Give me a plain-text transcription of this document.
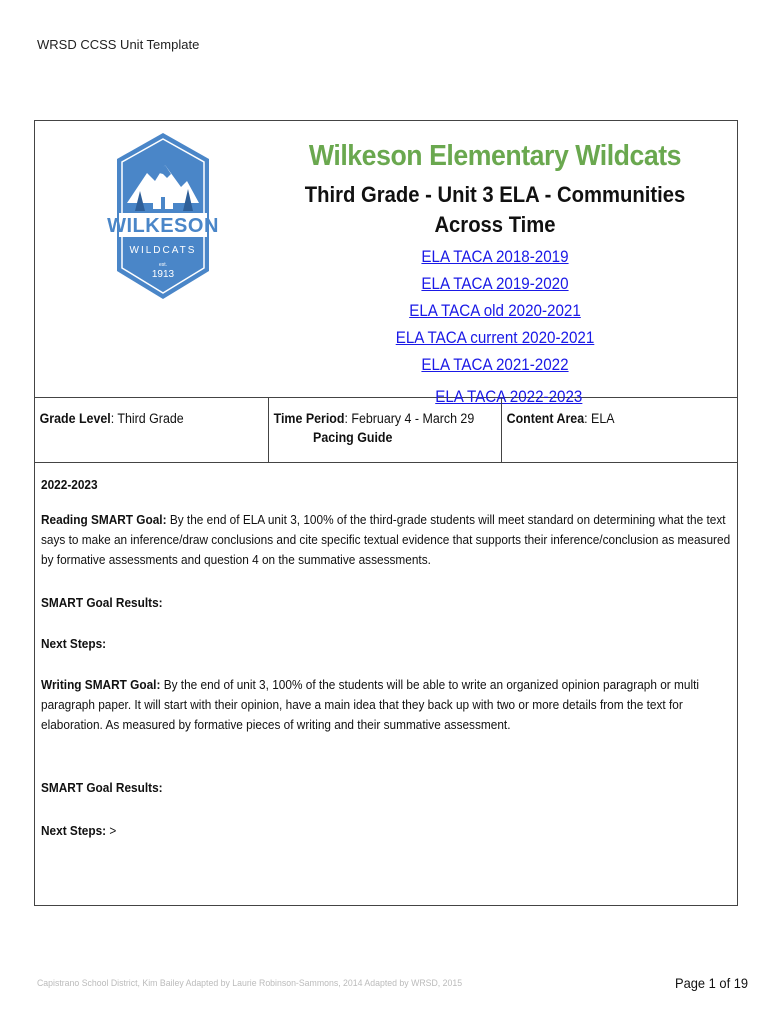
WRSD CCSS Unit Template
WILKESON
WILDCATS
est.
1913
Wilkeson Elementary Wildcats
Third Grade - Unit 3 ELA - Communities Across Time
ELA TACA 2018-2019
ELA TACA 2019-2020
ELA TACA old 2020-2021
ELA TACA current 2020-2021
ELA TACA 2021-2022
ELA TACA 2022-2023
Grade Level: Third Grade	Time Period: February 4 - March 29
Pacing Guide
Content Area: ELA

2022-2023

Reading SMART Goal: By the end of ELA unit 3, 100% of the third-grade students will meet standard on determining what the text says to make an inference/draw conclusions and cite specific textual evidence that supports their inference/conclusion as measured by formative assessments and question 4 on the summative assessments.

SMART Goal Results:

Next Steps:

Writing SMART Goal: By the end of unit 3, 100% of the students will be able to write an organized opinion paragraph or multi paragraph paper. It will start with their opinion, have a main idea that they back up with two or more details from the text for elaboration. As measured by formative pieces of writing and their summative assessment.

SMART Goal Results:

Next Steps: >

Capistrano School District, Kim Bailey Adapted by Laurie Robinson-Sammons, 2014 Adapted by WRSD, 2015	Page 1 of 19
